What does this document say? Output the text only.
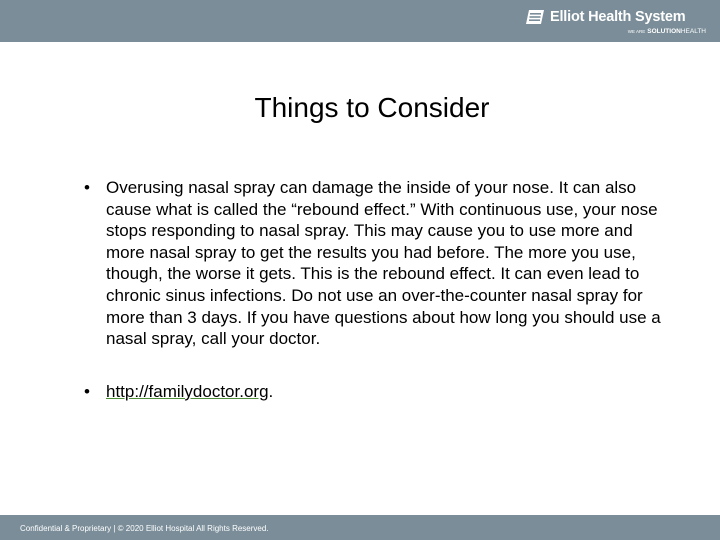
Elliot Health System
WE ARE SOLUTIONHEALTH
Things to Consider
• Overusing nasal spray can damage the inside of your nose. It can also cause what is called the “rebound effect.” With continuous use, your nose stops responding to nasal spray. This may cause you to use more and more nasal spray to get the results you had before. The more you use, though, the worse it gets. This is the rebound effect. It can even lead to chronic sinus infections. Do not use an over-the-counter nasal spray for more than 3 days. If you have questions about how long you should use a nasal spray, call your doctor.
• http://familydoctor.org.
Confidential & Proprietary | © 2020 Elliot Hospital All Rights Reserved.
